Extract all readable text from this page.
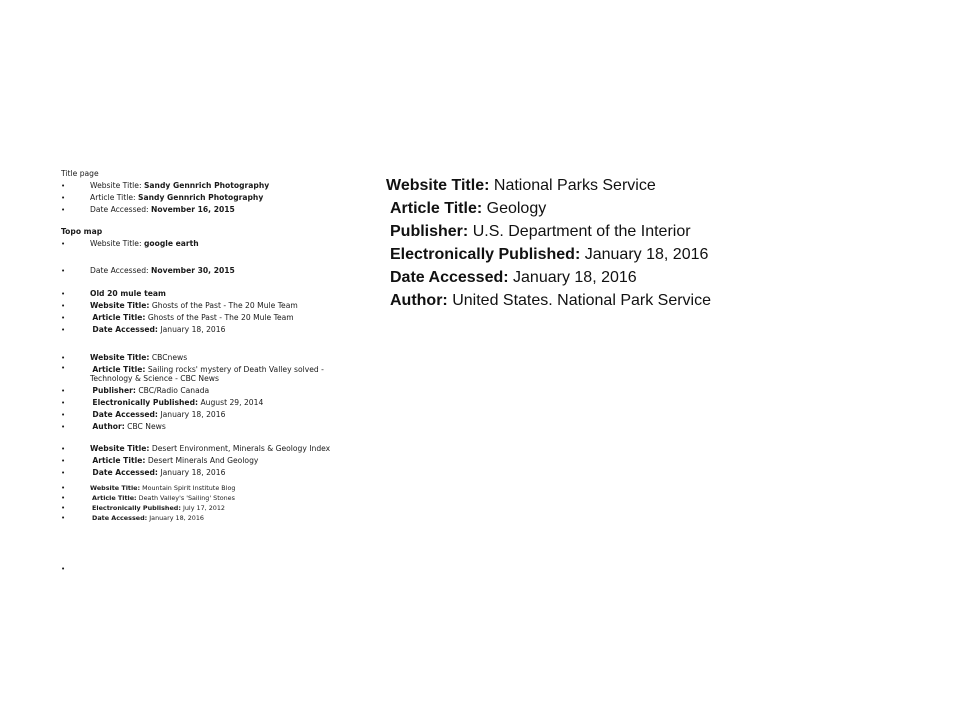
Title page
• Website Title: Sandy Gennrich Photography
• Article Title: Sandy Gennrich Photography
• Date Accessed: November 16, 2015
Topo map
• Website Title: google earth
• Date Accessed: November 30, 2015
• Old 20 mule team
• Website Title: Ghosts of the Past - The 20 Mule Team
• Article Title: Ghosts of the Past - The 20 Mule Team
• Date Accessed: January 18, 2016
• Website Title: CBCnews
• Article Title: Sailing rocks' mystery of Death Valley solved - Technology & Science - CBC News
• Publisher: CBC/Radio Canada
• Electronically Published: August 29, 2014
• Date Accessed: January 18, 2016
• Author: CBC News
• Website Title: Desert Environment, Minerals & Geology Index
• Article Title: Desert Minerals And Geology
• Date Accessed: January 18, 2016
• Website Title: Mountain Spirit Institute Blog
• Article Title: Death Valley's 'Sailing' Stones
• Electronically Published: July 17, 2012
• Date Accessed: January 18, 2016
•
Website Title: National Parks Service
Article Title: Geology
Publisher: U.S. Department of the Interior
Electronically Published: January 18, 2016
Date Accessed: January 18, 2016
Author: United States. National Park Service
